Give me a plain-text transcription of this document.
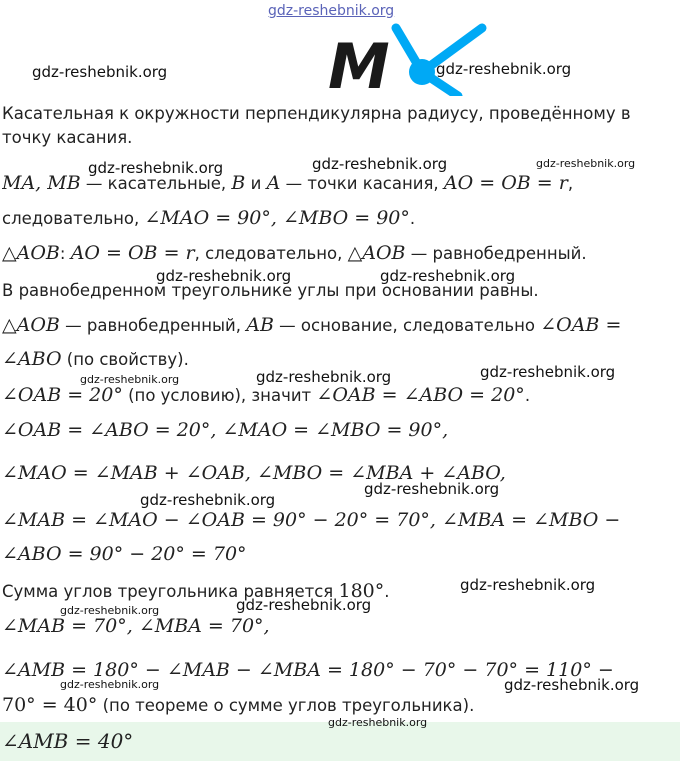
gdz-reshebnik.org
M
Касательная к окружности перпендикулярна радиусу, проведённому в точку касания.
MA, MB — касательные, B и A — точки касания, AO = OB = r,
следовательно, ∠MAO = 90°, ∠MBO = 90°.
△AOB: AO = OB = r, следовательно, △AOB — равнобедренный.
В равнобедренном треугольнике углы при основании равны.
△AOB — равнобедренный, AB — основание, следовательно ∠OAB =
∠ABO (по свойству).
∠OAB = 20° (по условию), значит ∠OAB = ∠ABO = 20°.
∠OAB = ∠ABO = 20°, ∠MAO = ∠MBO = 90°,
∠MAO = ∠MAB + ∠OAB, ∠MBO = ∠MBA + ∠ABO,
∠MAB = ∠MAO − ∠OAB = 90° − 20° = 70°, ∠MBA = ∠MBO −
∠ABO = 90° − 20° = 70°
Сумма углов треугольника равняется 180°.
∠MAB = 70°, ∠MBA = 70°,
∠AMB = 180° − ∠MAB − ∠MBA = 180° − 70° − 70° = 110° −
70° = 40° (по теореме о сумме углов треугольника).
∠AMB = 40°
gdz-reshebnik.org	gdz-reshebnik.org
gdz-reshebnik.org	gdz-reshebnik.org	gdz-reshebnik.org
gdz-reshebnik.org	gdz-reshebnik.org
gdz-reshebnik.org	gdz-reshebnik.org	gdz-reshebnik.org
gdz-reshebnik.org
gdz-reshebnik.org
gdz-reshebnik.org
gdz-reshebnik.org	gdz-reshebnik.org
gdz-reshebnik.org	gdz-reshebnik.org
gdz-reshebnik.org
